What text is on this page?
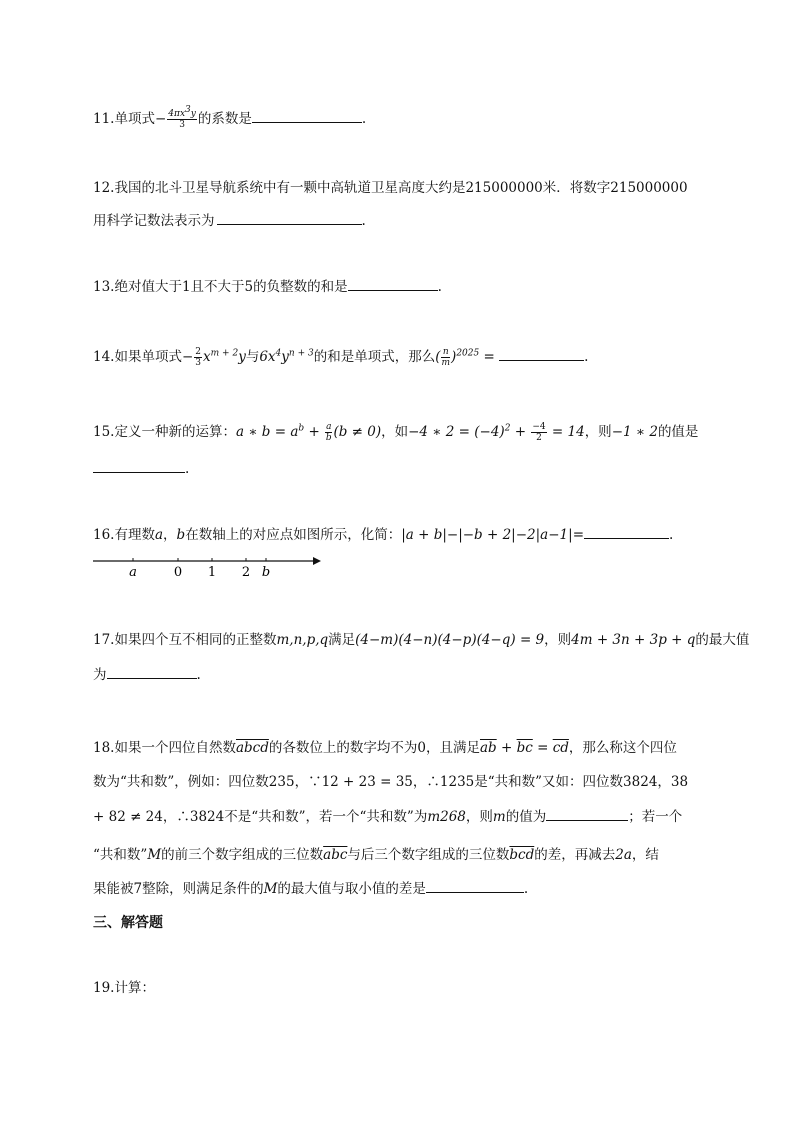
11.单项式− $\frac{4\pi x^3y}{3}$ 的系数是	.
12.我国的北斗卫星导航系统中有一颗中高轨道卫星高度大约是215000000米．将数字215000000
用科学记数法表示为	.
13.绝对值大于1且不大于5的负整数的和是	.
14.如果单项式− $\frac{2}{3} x^{m + 2}y$与$6x^4y^{n + 3}$的和是单项式，那么( $\frac{n}{m} )^{2025}$ =	.
15.定义一种新的运算：a ∗ $b = a^b + \frac{a}{b} (b \ne 0)$，如−4 ∗ $2 = (-4)^2 + \frac{-4}{2} = 14$，则−1 ∗ 2的值是
.
16.有理数a，b在数轴上的对应点如图所示，化简：|a + b|−|−b + 2|−2|a−1|=	.
a	0 1 2 b
17.如果四个互不相同的正整数m,n,p,q满足(4−m)(4−n)(4−p)(4−q) = 9，则4m + 3n + 3p + q的最大值
为	.
18.如果一个四位自然数abcd的各数位上的数字均不为0，且满足$\overline{ab} + \overline{bc} = \overline{cd}$，那么称这个四位
数为“共和数”，例如：四位数235，∵12 + 23 = 35，∴1235是“共和数”又如：四位数3824，38
+ 82 ≠ 24，∴3824不是“共和数”，若一个“共和数”为m268，则m的值为	；若一个
“共和数”M的前三个数字组成的三位数$\overline{abc}$与后三个数字组成的三位数$\overline{bcd}$的差，再减去2a，结
果能被7整除，则满足条件的M的最大值与取小值的差是	.
三、解答题
19.计算：
